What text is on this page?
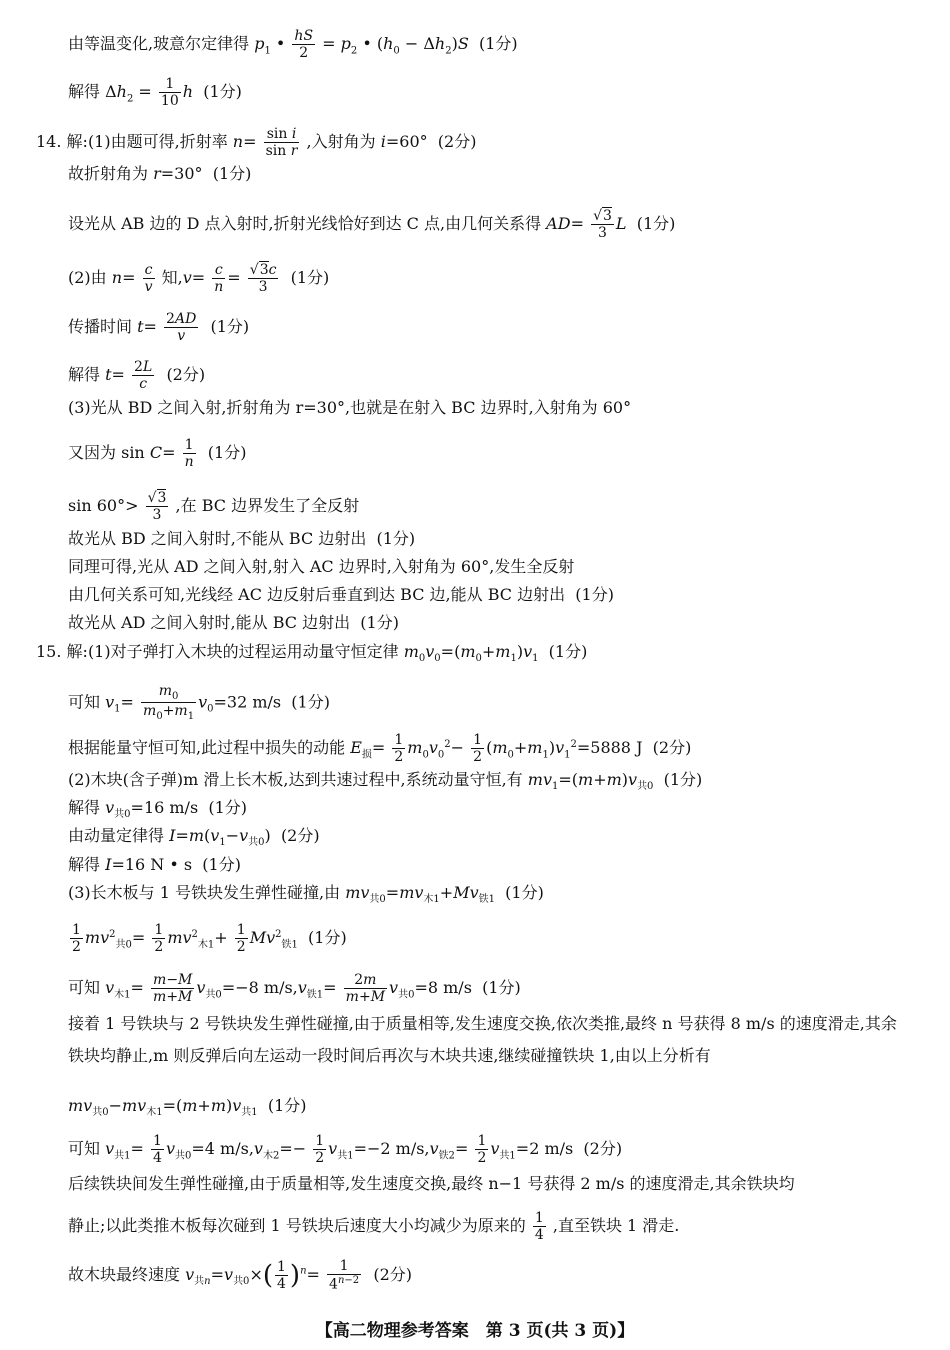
由等温变化,玻意尔定律得 $p_1$ • $\frac{hS}{2} = p_2$ • $(h_0 - \Delta h_2)S$ (1分)
解得 $\Delta h_2 = \frac{1}{10}$ h (1分)
14. 解:(1)由题可得,折射率 $n= \frac{\text{sin i}}{\text{sin r}}$ ,入射角为 i=60°  (2分)
故折射角为 r=30°  (1分)
设光从 AB 边的 D 点入射时,折射光线恰好到达 C 点,由几何关系得 $AD= \frac{√3}{3}$ L (1分)
(2)由 $n= \frac{c}{v}$ 知$,v= \frac{c}{n} = \frac{√3c}{3} (1$分)
传播时间 $t= \frac{2AD}{v} (1$分)
解得 $t= \frac{2L}{c} (2$分)
(3)光从 BD 之间入射,折射角为 r=30°,也就是在射入 BC 边界时,入射角为 60°
又因为 $\sin C= \frac{1}{n} (1$分)
$\sin 60^\circ> \frac{√3}{3}$ ,在 BC 边界发生了全反射
故光从 BD 之间入射时,不能从 BC 边射出 (1分)
同理可得,光从 AD 之间入射,射入 AC 边界时,入射角为 60°,发生全反射
由几何关系可知,光线经 AC 边反射后垂直到达 BC 边,能从 BC 边射出 (1分)
故光从 AD 之间入射时,能从 BC 边射出 (1分)
15. 解:(1)对子弹打入木块的过程运用动量守恒定律 $m_0v_0=(m_0+m_1)v_1$ (1分)
可知 $v_1= \frac{m_0}{m_0+m_1} v_0=32$ m/s  (1分)
根据能量守恒可知,此过程中损失的动能 $E_损= \frac{1}{2} m_0v_0^2- \frac{1}{2} (m_0+m_1)v_1^2=5888$ J  (2分)
(2)木块(含子弹)m 滑上长木板,达到共速过程中,系统动量守恒,有 $mv_1=(m+m)v_{共0}$ (1分)
解得 $v_{共0}=16$ m/s  (1分)
由动量定律得 $I=m(v_1-v_{共0})$  (2分)
解得 I=16 N • s  (1分)
(3)长木板与 1 号铁块发生弹性碰撞,由 $mv_{共0}=mv_{木1}+Mv_{铁1}$ (1分)
$\frac{1}{2} mv^2_{共0}= \frac{1}{2} mv^2_{木1}+ \frac{1}{2} Mv^2_{铁1}$ (1分)
可知 $v_{木1}= \frac{m-M}{m+M} v_{共0}=-8$ $m/s,v_{铁1}= \frac{2m}{m+M} v_{共0}=8$ m/s  (1分)
接着 1 号铁块与 2 号铁块发生弹性碰撞,由于质量相等,发生速度交换,依次类推,最终 n 号获得 8 m/s 的速度滑走,其余铁块均静止,m 则反弹后向左运动一段时间后再次与木块共速,继续碰撞铁块 1,由以上分析有
$mv_{共0}-mv_{木1}=(m+m)v_{共1}$ (1分)
可知 $v_{共1}= \frac{1}{4} v_{共0}=4$ $m/s,v_{木2}=- \frac{1}{2} v_{共1}=-2$ $m/s,v_{铁2}= \frac{1}{2} v_{共1}=2$ m/s  (2分)
后续铁块间发生弹性碰撞,由于质量相等,发生速度交换,最终 n−1 号获得 2 m/s 的速度滑走,其余铁块均
静止;以此类推木板每次碰到 1 号铁块后速度大小均减少为原来的 $\frac{1}{4}$ ,直至铁块 1 滑走.
故木块最终速度 $v_{共n}=v_{共0}\times( \frac{1}{4} )^n= \frac{1}{4^{n-2}} (2$分)
【高二物理参考答案　第 3 页(共 3 页)】
